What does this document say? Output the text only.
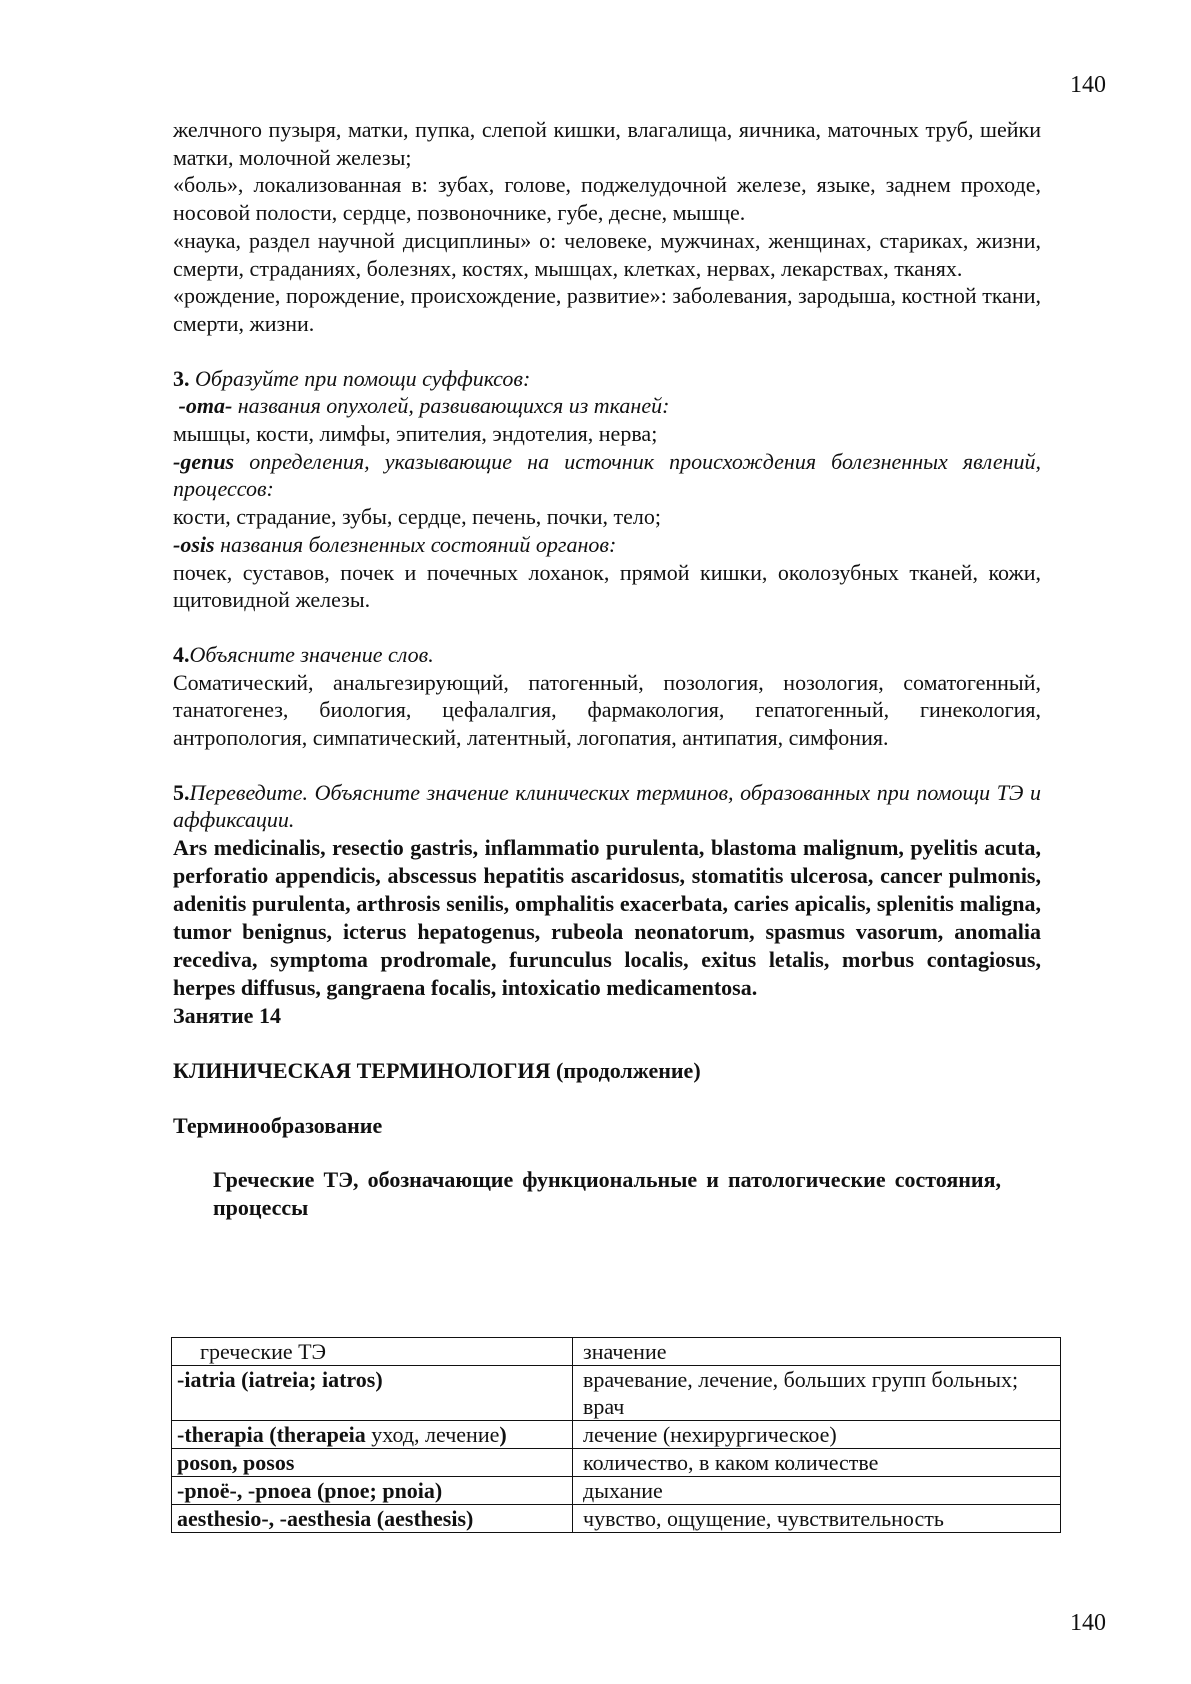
140

желчного пузыря, матки, пупка, слепой кишки, влагалища, яичника, маточных труб, шейки матки, молочной железы;

«боль», локализованная в: зубах, голове, поджелудочной железе, языке, заднем проходе, носовой полости, сердце, позвоночнике, губе, десне, мышце.

«наука, раздел научной дисциплины» о: человеке, мужчинах, женщинах, стариках, жизни, смерти, страданиях, болезнях, костях, мышцах, клетках, нервах, лекарствах, тканях.

«рождение, порождение, происхождение, развитие»: заболевания, зародыша, костной ткани, смерти, жизни.

3. Образуйте при помощи суффиксов:

-oma- названия опухолей, развивающихся из тканей:

мышцы, кости, лимфы, эпителия, эндотелия, нерва;

-genus определения, указывающие на источник происхождения болезненных явлений, процессов:

кости, страдание, зубы, сердце, печень, почки, тело;

-osis названия болезненных состояний органов:

почек, суставов, почек и почечных лоханок, прямой кишки, околозубных тканей, кожи, щитовидной железы.

4.Объясните значение слов.

Соматический, анальгезирующий, патогенный, позология, нозология, соматогенный, танатогенез, биология, цефалалгия, фармакология, гепатогенный, гинекология, антропология, симпатический, латентный, логопатия, антипатия, симфония.

5.Переведите. Объясните значение клинических терминов, образованных при помощи ТЭ и аффиксации.

Ars medicinalis, resectio gastris, inflammatio purulenta, blastoma malignum, pyelitis acuta, perforatio appendicis, abscessus hepatitis ascaridosus, stomatitis ulcerosa, cancer pulmonis, adenitis purulenta, arthrosis senilis, omphalitis exacerbata, caries apicalis, splenitis maligna, tumor benignus, icterus hepatogenus, rubeola neonatorum, spasmus vasorum, anomalia recediva, symptoma prodromale, furunculus localis, exitus letalis, morbus contagiosus, herpes diffusus, gangraena focalis, intoxicatio medicamentosa.

Занятие 14

КЛИНИЧЕСКАЯ ТЕРМИНОЛОГИЯ (продолжение)

Терминообразование

Греческие ТЭ, обозначающие функциональные и патологические состояния, процессы

греческие ТЭ	значение
-iatria (iatreia; iatros)	врачевание, лечение, больших групп больных; врач
-therapia (therapeia уход, лечение)	лечение (нехирургическое)
poson, posos	количество, в каком количестве
-pnoё-, -pnoea (pnoe; pnoia)	дыхание
aesthesio-, -aesthesia (aesthesis)	чувство, ощущение, чувствительность
140
